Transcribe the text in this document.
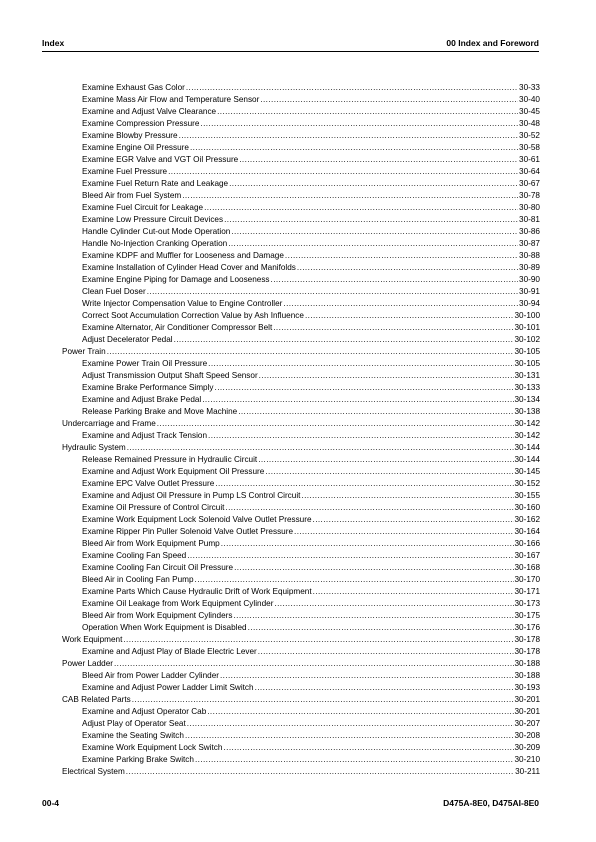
Index	00 Index and Foreword
Examine Exhaust Gas Color .....	30-33
Examine Mass Air Flow and Temperature Sensor .....	30-40
Examine and Adjust Valve Clearance .....	30-45
Examine Compression Pressure .....	30-48
Examine Blowby Pressure .....	30-52
Examine Engine Oil Pressure .....	30-58
Examine EGR Valve and VGT Oil Pressure .....	30-61
Examine Fuel Pressure .....	30-64
Examine Fuel Return Rate and Leakage .....	30-67
Bleed Air from Fuel System .....	30-78
Examine Fuel Circuit for Leakage .....	30-80
Examine Low Pressure Circuit Devices .....	30-81
Handle Cylinder Cut-out Mode Operation .....	30-86
Handle No-Injection Cranking Operation .....	30-87
Examine KDPF and Muffler for Looseness and Damage .....	30-88
Examine Installation of Cylinder Head Cover and Manifolds .....	30-89
Examine Engine Piping for Damage and Looseness .....	30-90
Clean Fuel Doser .....	30-91
Write Injector Compensation Value to Engine Controller .....	30-94
Correct Soot Accumulation Correction Value by Ash Influence .....	30-100
Examine Alternator, Air Conditioner Compressor Belt .....	30-101
Adjust Decelerator Pedal .....	30-102
Power Train .....	30-105
Examine Power Train Oil Pressure .....	30-105
Adjust Transmission Output Shaft Speed Sensor .....	30-131
Examine Brake Performance Simply .....	30-133
Examine and Adjust Brake Pedal .....	30-134
Release Parking Brake and Move Machine .....	30-138
Undercarriage and Frame .....	30-142
Examine and Adjust Track Tension .....	30-142
Hydraulic System .....	30-144
Release Remained Pressure in Hydraulic Circuit .....	30-144
Examine and Adjust Work Equipment Oil Pressure .....	30-145
Examine EPC Valve Outlet Pressure .....	30-152
Examine and Adjust Oil Pressure in Pump LS Control Circuit .....	30-155
Examine Oil Pressure of Control Circuit .....	30-160
Examine Work Equipment Lock Solenoid Valve Outlet Pressure .....	30-162
Examine Ripper Pin Puller Solenoid Valve Outlet Pressure .....	30-164
Bleed Air from Work Equipment Pump .....	30-166
Examine Cooling Fan Speed .....	30-167
Examine Cooling Fan Circuit Oil Pressure .....	30-168
Bleed Air in Cooling Fan Pump .....	30-170
Examine Parts Which Cause Hydraulic Drift of Work Equipment .....	30-171
Examine Oil Leakage from Work Equipment Cylinder .....	30-173
Bleed Air from Work Equipment Cylinders .....	30-175
Operation When Work Equipment is Disabled .....	30-176
Work Equipment .....	30-178
Examine and Adjust Play of Blade Electric Lever .....	30-178
Power Ladder .....	30-188
Bleed Air from Power Ladder Cylinder .....	30-188
Examine and Adjust Power Ladder Limit Switch .....	30-193
CAB Related Parts .....	30-201
Examine and Adjust Operator Cab .....	30-201
Adjust Play of Operator Seat .....	30-207
Examine the Seating Switch .....	30-208
Examine Work Equipment Lock Switch .....	30-209
Examine Parking Brake Switch .....	30-210
Electrical System .....	30-211
00-4	D475A-8E0, D475AI-8E0
